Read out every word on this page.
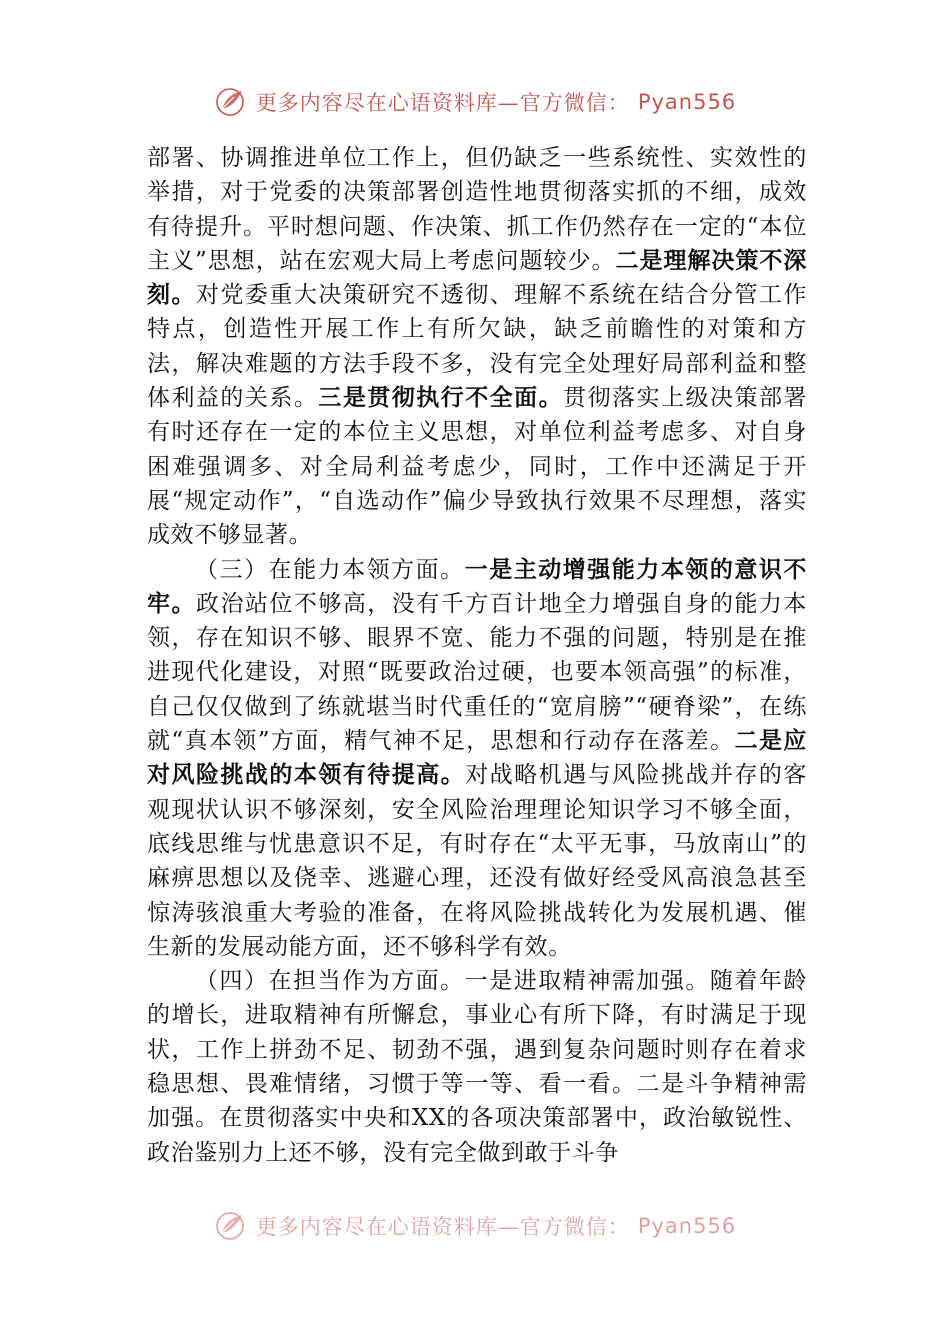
更多内容尽在心语资料库—官方微信： Pyan556

部署、协调推进单位工作上，但仍缺乏一些系统性、实效性的举措，对于党委的决策部署创造性地贯彻落实抓的不细，成效有待提升。平时想问题、作决策、抓工作仍然存在一定的“本位主义”思想，站在宏观大局上考虑问题较少。二是理解决策不深刻。对党委重大决策研究不透彻、理解不系统在结合分管工作特点，创造性开展工作上有所欠缺，缺乏前瞻性的对策和方法，解决难题的方法手段不多，没有完全处理好局部利益和整体利益的关系。三是贯彻执行不全面。贯彻落实上级决策部署有时还存在一定的本位主义思想，对单位利益考虑多、对自身困难强调多、对全局利益考虑少，同时，工作中还满足于开展“规定动作”，“自选动作”偏少导致执行效果不尽理想，落实成效不够显著。

（三）在能力本领方面。一是主动增强能力本领的意识不牢。政治站位不够高，没有千方百计地全力增强自身的能力本领，存在知识不够、眼界不宽、能力不强的问题，特别是在推进现代化建设，对照“既要政治过硬，也要本领高强”的标准，自己仅仅做到了练就堪当时代重任的“宽肩膀”“硬脊梁”，在练就“真本领”方面，精气神不足，思想和行动存在落差。二是应对风险挑战的本领有待提高。对战略机遇与风险挑战并存的客观现状认识不够深刻，安全风险治理理论知识学习不够全面，底线思维与忧患意识不足，有时存在“太平无事，马放南山”的麻痹思想以及侥幸、逃避心理，还没有做好经受风高浪急甚至惊涛骇浪重大考验的准备，在将风险挑战转化为发展机遇、催生新的发展动能方面，还不够科学有效。

（四）在担当作为方面。一是进取精神需加强。随着年龄的增长，进取精神有所懈怠，事业心有所下降，有时满足于现状，工作上拼劲不足、韧劲不强，遇到复杂问题时则存在着求稳思想、畏难情绪，习惯于等一等、看一看。二是斗争精神需加强。在贯彻落实中央和XX的各项决策部署中，政治敏锐性、政治鉴别力上还不够，没有完全做到敢于斗争

更多内容尽在心语资料库—官方微信： Pyan556
